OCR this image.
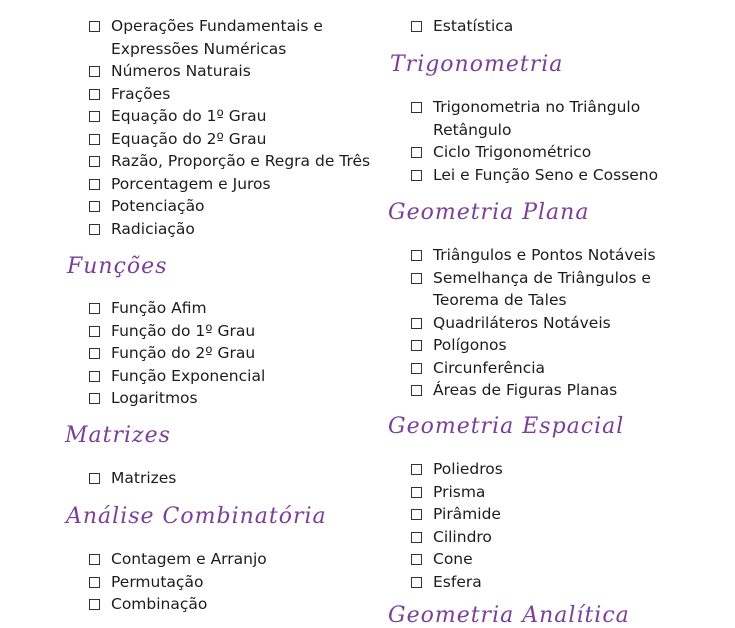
Operações Fundamentais e
Expressões Numéricas
Números Naturais
Frações
Equação do 1º Grau
Equação do 2º Grau
Razão, Proporção e Regra de Três
Porcentagem e Juros
Potenciação
Radiciação
Funções
Função Afim
Função do 1º Grau
Função do 2º Grau
Função Exponencial
Logaritmos
Matrizes
Matrizes
Análise Combinatória
Contagem e Arranjo
Permutação
Combinação
Estatística
Trigonometria
Trigonometria no Triângulo
Retângulo
Ciclo Trigonométrico
Lei e Função Seno e Cosseno
Geometria Plana
Triângulos e Pontos Notáveis
Semelhança de Triângulos e
Teorema de Tales
Quadriláteros Notáveis
Polígonos
Circunferência
Áreas de Figuras Planas
Geometria Espacial
Poliedros
Prisma
Pirâmide
Cilindro
Cone
Esfera
Geometria Analítica
